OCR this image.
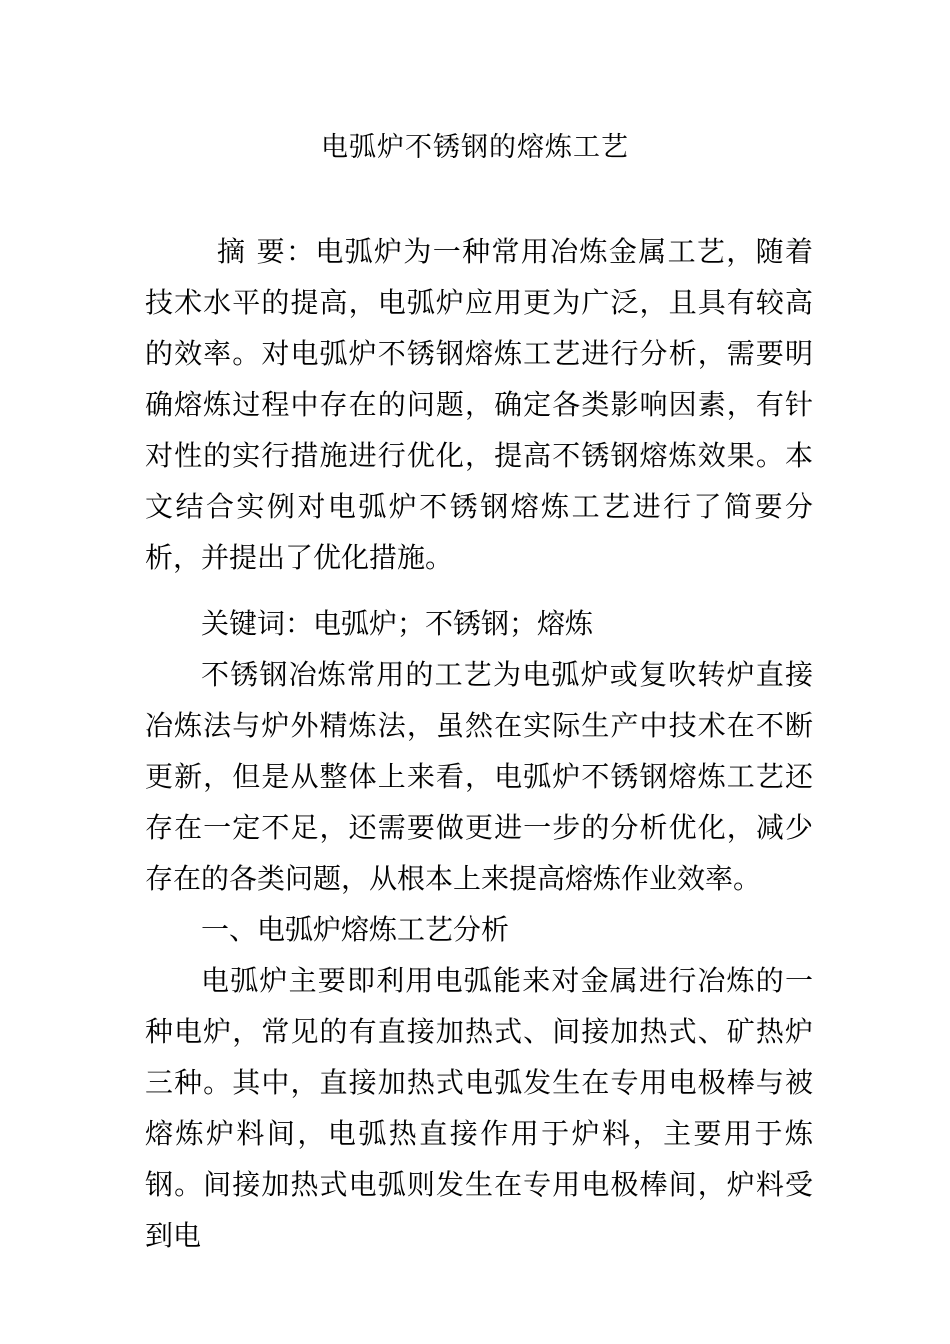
电弧炉不锈钢的熔炼工艺
摘 要：电弧炉为一种常用冶炼金属工艺，随着技术水平的提高，电弧炉应用更为广泛，且具有较高的效率。对电弧炉不锈钢熔炼工艺进行分析，需要明确熔炼过程中存在的问题，确定各类影响因素，有针对性的实行措施进行优化，提高不锈钢熔炼效果。本文结合实例对电弧炉不锈钢熔炼工艺进行了简要分析，并提出了优化措施。
关键词：电弧炉；不锈钢；熔炼
不锈钢冶炼常用的工艺为电弧炉或复吹转炉直接冶炼法与炉外精炼法，虽然在实际生产中技术在不断更新，但是从整体上来看，电弧炉不锈钢熔炼工艺还存在一定不足，还需要做更进一步的分析优化，减少存在的各类问题，从根本上来提高熔炼作业效率。
一、电弧炉熔炼工艺分析
电弧炉主要即利用电弧能来对金属进行冶炼的一种电炉，常见的有直接加热式、间接加热式、矿热炉三种。其中，直接加热式电弧发生在专用电极棒与被熔炼炉料间，电弧热直接作用于炉料，主要用于炼钢。间接加热式电弧则发生在专用电极棒间，炉料受到电
